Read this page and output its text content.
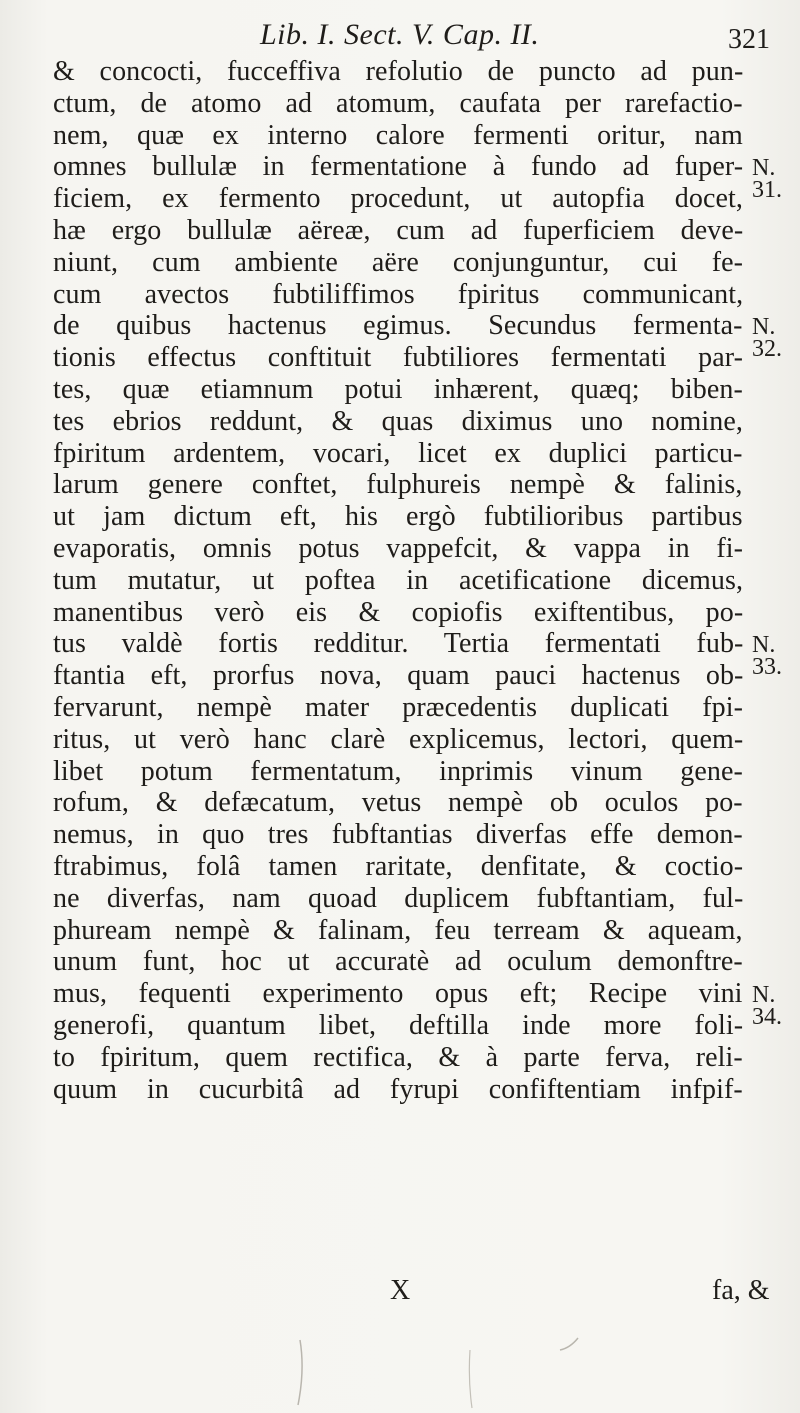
Lib. I. Sect. V. Cap. II.	321
& concocti, fucceffiva refolutio de puncto ad pun-
ctum, de atomo ad atomum, caufata per rarefactio-
nem, quæ ex interno calore fermenti oritur, nam
omnes bullulæ in fermentatione à fundo ad fuper-
ficiem, ex fermento procedunt, ut autopfia docet,
hæ ergo bullulæ aëreæ, cum ad fuperficiem deve-
niunt, cum ambiente aëre conjunguntur, cui fe-
cum avectos fubtiliffimos fpiritus communicant,
de quibus hactenus egimus. Secundus fermenta-
tionis effectus conftituit fubtiliores fermentati par-
tes, quæ etiamnum potui inhærent, quæq; biben-
tes ebrios reddunt, & quas diximus uno nomine,
fpiritum ardentem, vocari, licet ex duplici particu-
larum genere conftet, fulphureis nempè & falinis,
ut jam dictum eft, his ergò fubtilioribus partibus
evaporatis, omnis potus vappefcit, & vappa in fi-
tum mutatur, ut poftea in acetificatione dicemus,
manentibus verò eis & copiofis exiftentibus, po-
tus valdè fortis redditur. Tertia fermentati fub-
ftantia eft, prorfus nova, quam pauci hactenus ob-
fervarunt, nempè mater præcedentis duplicati fpi-
ritus, ut verò hanc clarè explicemus, lectori, quem-
libet potum fermentatum, inprimis vinum gene-
rofum, & defæcatum, vetus nempè ob oculos po-
nemus, in quo tres fubftantias diverfas effe demon-
ftrabimus, folâ tamen raritate, denfitate, & coctio-
ne diverfas, nam quoad duplicem fubftantiam, ful-
phuream nempè & falinam, feu terream & aqueam,
unum funt, hoc ut accuratè ad oculum demonftre-
mus, fequenti experimento opus eft; Recipe vini
generofi, quantum libet, deftilla inde more foli-
to fpiritum, quem rectifica, & à parte ferva, reli-
quum in cucurbitâ ad fyrupi confiftentiam infpif-
N.
31.
N.
32.
N.
33.
N.
34.
X	fa, &
